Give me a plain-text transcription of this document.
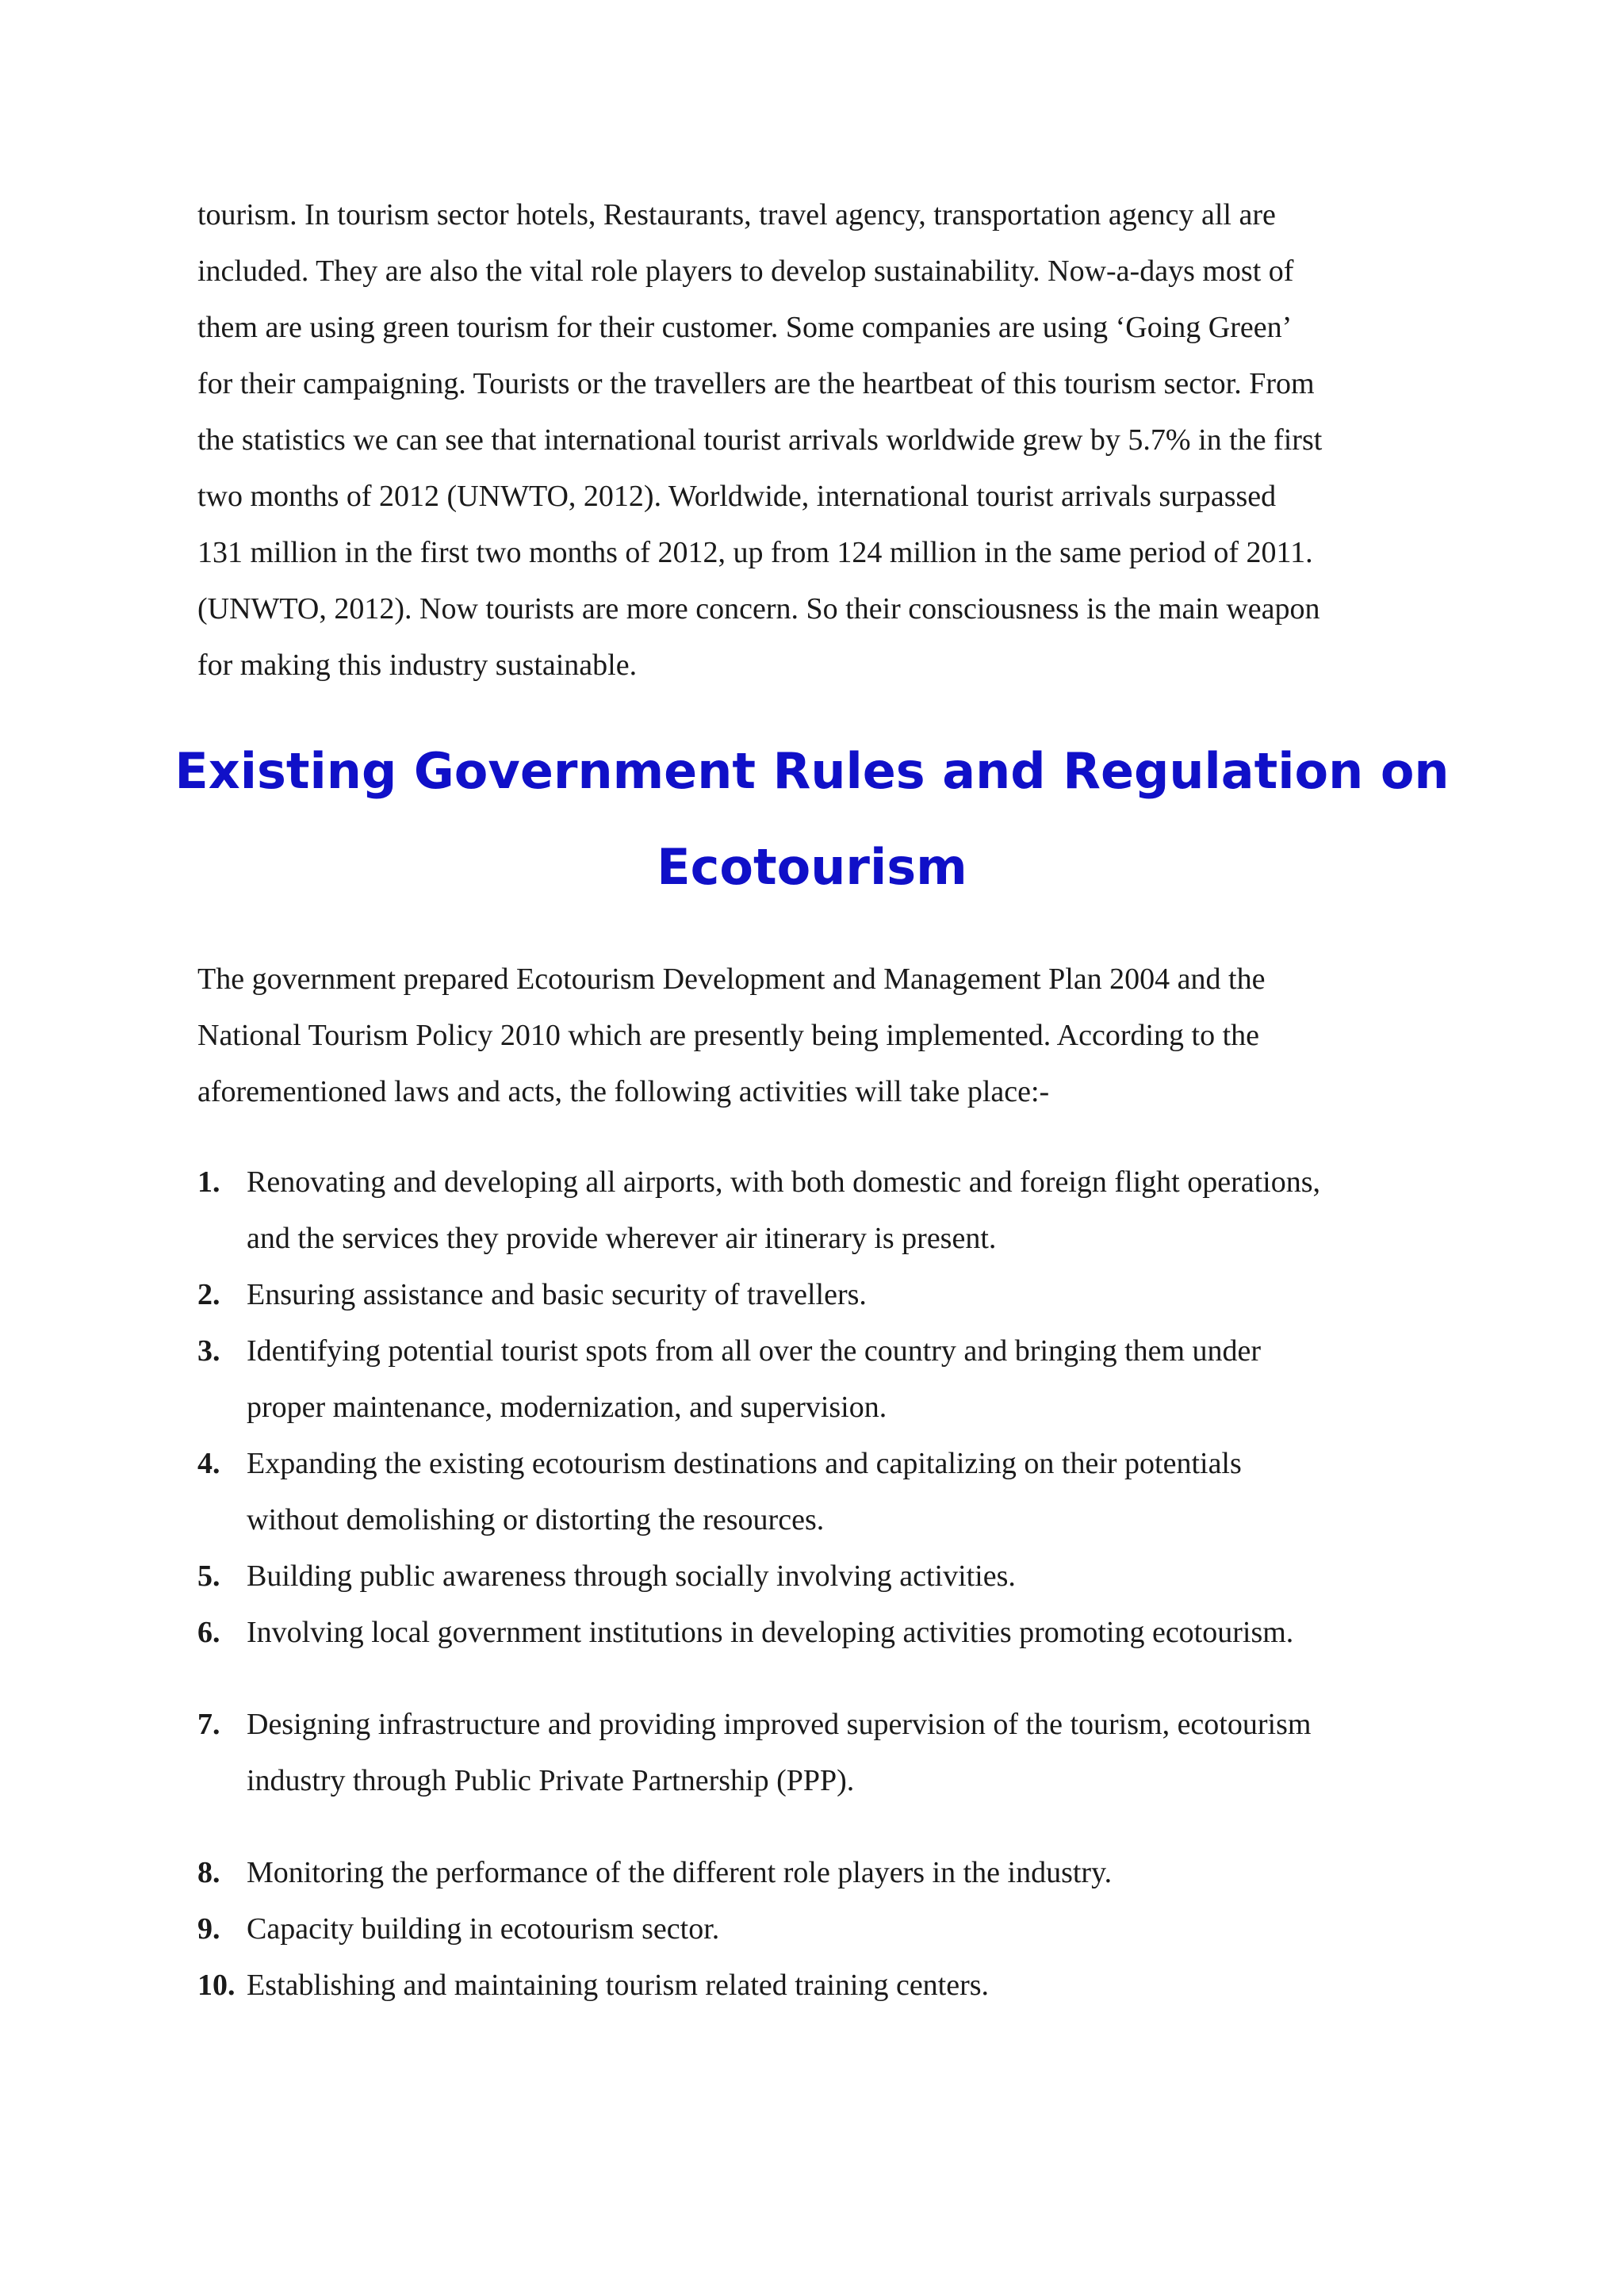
tourism. In tourism sector hotels, Restaurants, travel agency, transportation agency all are
included. They are also the vital role players to develop sustainability. Now-a-days most of
them are using green tourism for their customer. Some companies are using ‘Going Green’
for their campaigning. Tourists or the travellers are the heartbeat of this tourism sector. From
the statistics we can see that international tourist arrivals worldwide grew by 5.7% in the first
two months of 2012 (UNWTO, 2012). Worldwide, international tourist arrivals surpassed
131 million in the first two months of 2012, up from 124 million in the same period of 2011.
(UNWTO, 2012). Now tourists are more concern. So their consciousness is the main weapon
for making this industry sustainable.
Existing Government Rules and Regulation on
Ecotourism
The government prepared Ecotourism Development and Management Plan 2004 and the
National Tourism Policy 2010 which are presently being implemented. According to the
aforementioned laws and acts, the following activities will take place:-
1. Renovating and developing all airports, with both domestic and foreign flight operations,
and the services they provide wherever air itinerary is present.
2. Ensuring assistance and basic security of travellers.
3. Identifying potential tourist spots from all over the country and bringing them under
proper maintenance, modernization, and supervision.
4. Expanding the existing ecotourism destinations and capitalizing on their potentials
without demolishing or distorting the resources.
5. Building public awareness through socially involving activities.
6. Involving local government institutions in developing activities promoting ecotourism.
7. Designing infrastructure and providing improved supervision of the tourism, ecotourism
industry through Public Private Partnership (PPP).
8. Monitoring the performance of the different role players in the industry.
9. Capacity building in ecotourism sector.
10. Establishing and maintaining tourism related training centers.
